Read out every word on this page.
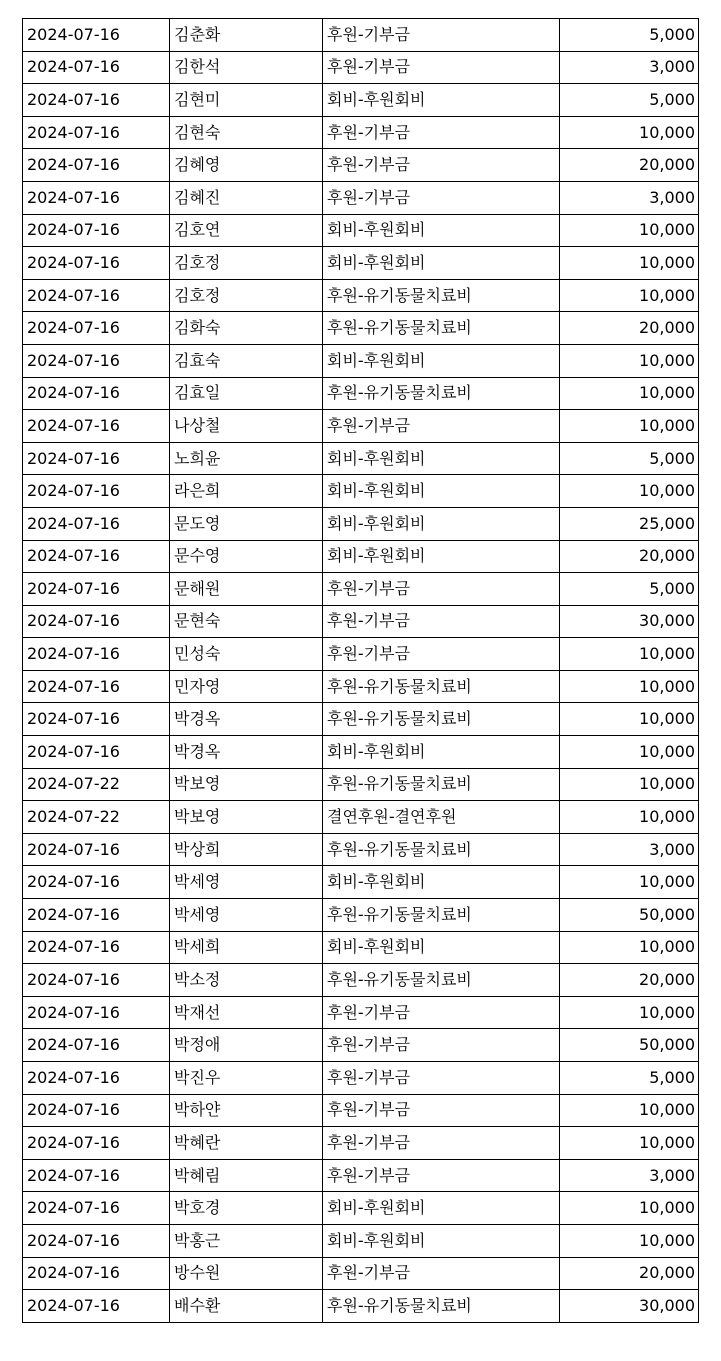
2024-07-16	김춘화	후원-기부금	5,000
2024-07-16	김한석	후원-기부금	3,000
2024-07-16	김현미	회비-후원회비	5,000
2024-07-16	김현숙	후원-기부금	10,000
2024-07-16	김혜영	후원-기부금	20,000
2024-07-16	김혜진	후원-기부금	3,000
2024-07-16	김호연	회비-후원회비	10,000
2024-07-16	김호정	회비-후원회비	10,000
2024-07-16	김호정	후원-유기동물치료비	10,000
2024-07-16	김화숙	후원-유기동물치료비	20,000
2024-07-16	김효숙	회비-후원회비	10,000
2024-07-16	김효일	후원-유기동물치료비	10,000
2024-07-16	나상철	후원-기부금	10,000
2024-07-16	노희윤	회비-후원회비	5,000
2024-07-16	라은희	회비-후원회비	10,000
2024-07-16	문도영	회비-후원회비	25,000
2024-07-16	문수영	회비-후원회비	20,000
2024-07-16	문해원	후원-기부금	5,000
2024-07-16	문현숙	후원-기부금	30,000
2024-07-16	민성숙	후원-기부금	10,000
2024-07-16	민자영	후원-유기동물치료비	10,000
2024-07-16	박경옥	후원-유기동물치료비	10,000
2024-07-16	박경옥	회비-후원회비	10,000
2024-07-22	박보영	후원-유기동물치료비	10,000
2024-07-22	박보영	결연후원-결연후원	10,000
2024-07-16	박상희	후원-유기동물치료비	3,000
2024-07-16	박세영	회비-후원회비	10,000
2024-07-16	박세영	후원-유기동물치료비	50,000
2024-07-16	박세희	회비-후원회비	10,000
2024-07-16	박소정	후원-유기동물치료비	20,000
2024-07-16	박재선	후원-기부금	10,000
2024-07-16	박정애	후원-기부금	50,000
2024-07-16	박진우	후원-기부금	5,000
2024-07-16	박하얀	후원-기부금	10,000
2024-07-16	박혜란	후원-기부금	10,000
2024-07-16	박혜림	후원-기부금	3,000
2024-07-16	박호경	회비-후원회비	10,000
2024-07-16	박홍근	회비-후원회비	10,000
2024-07-16	방수원	후원-기부금	20,000
2024-07-16	배수환	후원-유기동물치료비	30,000
